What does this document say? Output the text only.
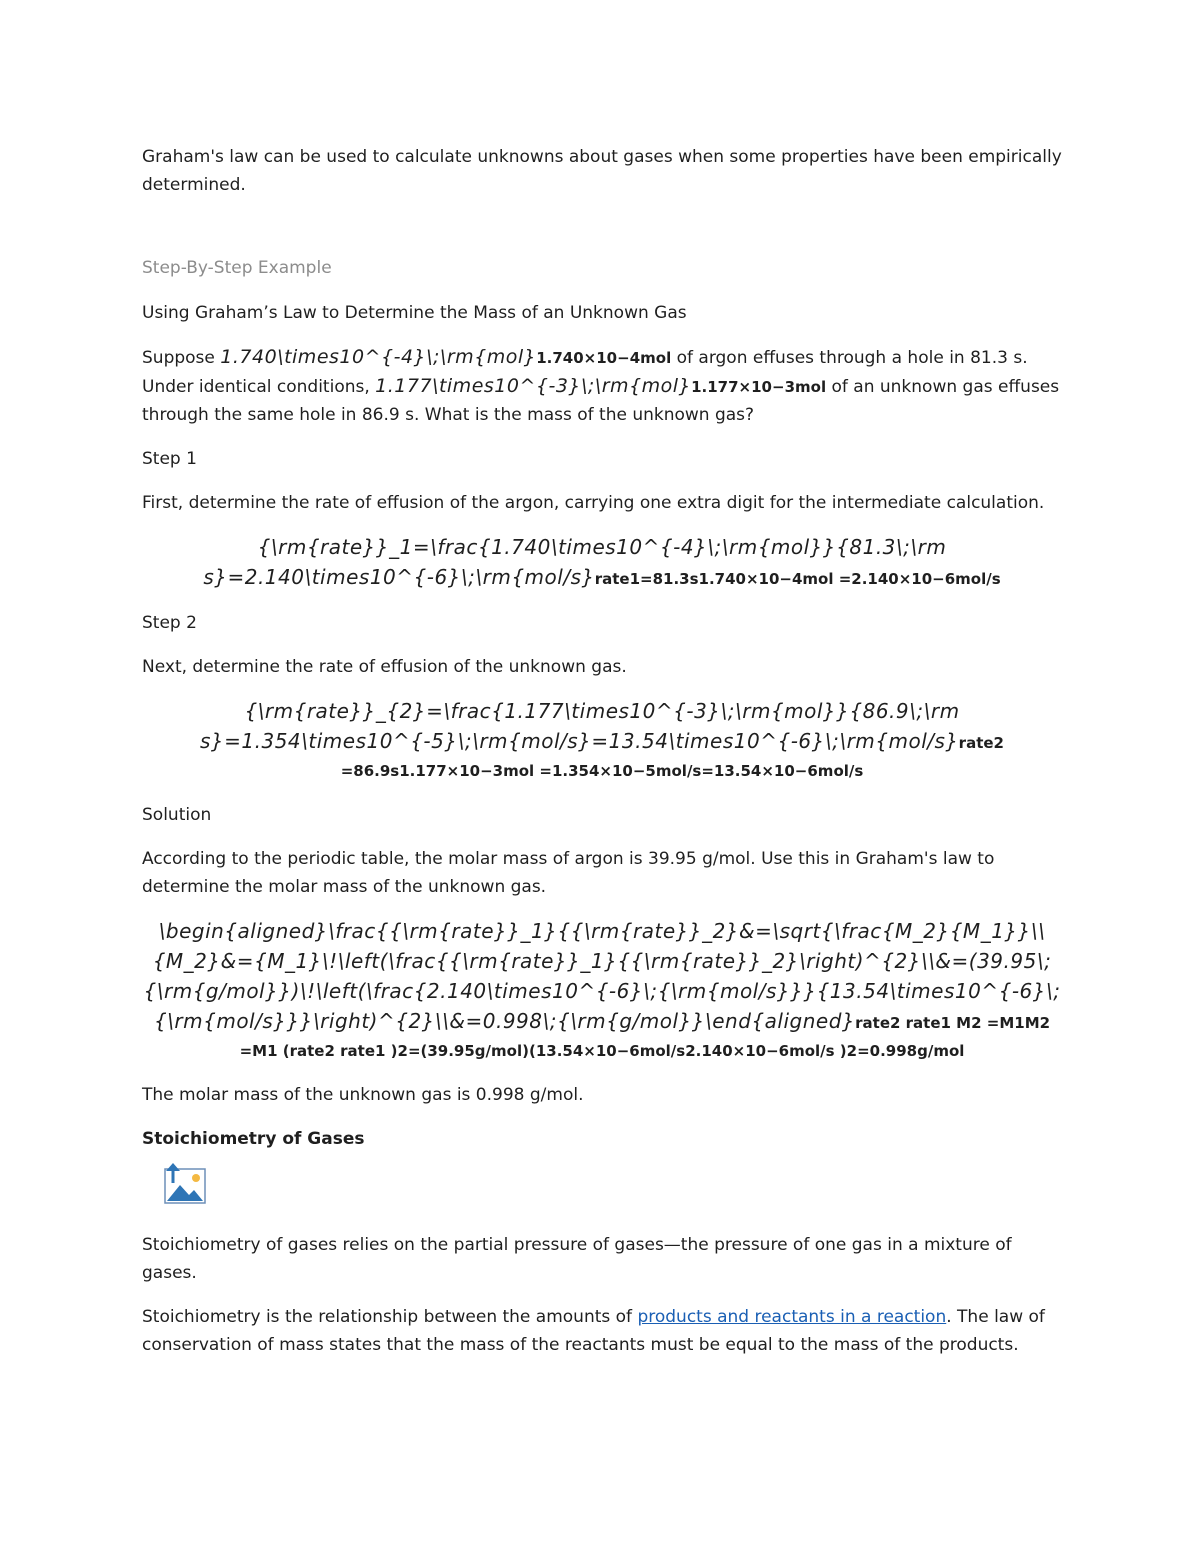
Graham's law can be used to calculate unknowns about gases when some properties have been empirically determined.

Step-By-Step Example

Using Graham’s Law to Determine the Mass of an Unknown Gas

Suppose 1.740\times10^{-4}\;\rm{mol}1.740×10−4mol of argon effuses through a hole in 81.3 s. Under identical conditions, 1.177\times10^{-3}\;\rm{mol}1.177×10−3mol of an unknown gas effuses through the same hole in 86.9 s. What is the mass of the unknown gas?

Step 1

First, determine the rate of effusion of the argon, carrying one extra digit for the intermediate calculation.

{\rm{rate}}_1=\frac{1.740\times10^{-4}\;\rm{mol}}{81.3\;\rm s}=2.140\times10^{-6}\;\rm{mol/s}rate1=81.3s1.740×10−4mol =2.140×10−6mol/s

Step 2

Next, determine the rate of effusion of the unknown gas.

{\rm{rate}}_{2}=\frac{1.177\times10^{-3}\;\rm{mol}}{86.9\;\rm s}=1.354\times10^{-5}\;\rm{mol/s}=13.54\times10^{-6}\;\rm{mol/s}rate2 =86.9s1.177×10−3mol =1.354×10−5mol/s=13.54×10−6mol/s

Solution

According to the periodic table, the molar mass of argon is 39.95 g/mol. Use this in Graham's law to determine the molar mass of the unknown gas.

\begin{aligned}\frac{{\rm{rate}}_1}{{\rm{rate}}_2}&=\sqrt{\frac{M_2}{M_1}}\\{M_2}&={M_1}\!\left(\frac{{\rm{rate}}_1}{{\rm{rate}}_2}\right)^{2}\\&=(39.95\;{\rm{g/mol}})\!\left(\frac{2.140\times10^{-6}\;{\rm{mol/s}}}{13.54\times10^{-6}\;{\rm{mol/s}}}\right)^{2}\\&=0.998\;{\rm{g/mol}}\end{aligned}rate2 rate1 M2 =M1M2 =M1 (rate2 rate1 )2=(39.95g/mol)(13.54×10−6mol/s2.140×10−6mol/s )2=0.998g/mol

The molar mass of the unknown gas is 0.998 g/mol.

Stoichiometry of Gases

Stoichiometry of gases relies on the partial pressure of gases—the pressure of one gas in a mixture of gases.

Stoichiometry is the relationship between the amounts of products and reactants in a reaction. The law of conservation of mass states that the mass of the reactants must be equal to the mass of the products.
